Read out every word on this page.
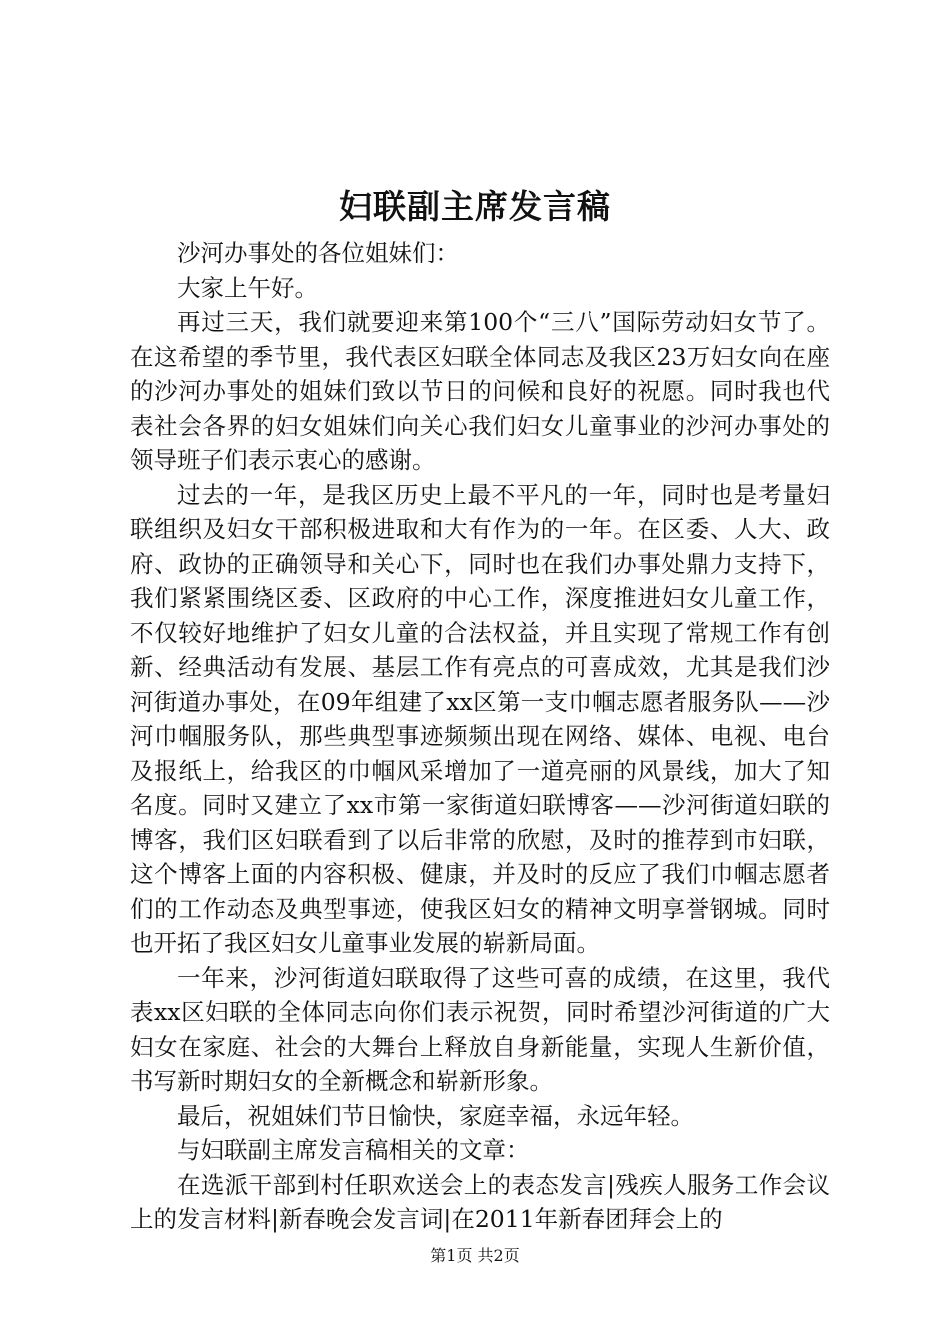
妇联副主席发言稿

沙河办事处的各位姐妹们：

大家上午好。

再过三天，我们就要迎来第100个“三八”国际劳动妇女节了。在这希望的季节里，我代表区妇联全体同志及我区23万妇女向在座的沙河办事处的姐妹们致以节日的问候和良好的祝愿。同时我也代表社会各界的妇女姐妹们向关心我们妇女儿童事业的沙河办事处的领导班子们表示衷心的感谢。

过去的一年，是我区历史上最不平凡的一年，同时也是考量妇联组织及妇女干部积极进取和大有作为的一年。在区委、人大、政府、政协的正确领导和关心下，同时也在我们办事处鼎力支持下，我们紧紧围绕区委、区政府的中心工作，深度推进妇女儿童工作，不仅较好地维护了妇女儿童的合法权益，并且实现了常规工作有创新、经典活动有发展、基层工作有亮点的可喜成效，尤其是我们沙河街道办事处，在09年组建了xx区第一支巾帼志愿者服务队——沙河巾帼服务队，那些典型事迹频频出现在网络、媒体、电视、电台及报纸上，给我区的巾帼风采增加了一道亮丽的风景线，加大了知名度。同时又建立了xx市第一家街道妇联博客——沙河街道妇联的博客，我们区妇联看到了以后非常的欣慰，及时的推荐到市妇联，这个博客上面的内容积极、健康，并及时的反应了我们巾帼志愿者们的工作动态及典型事迹，使我区妇女的精神文明享誉钢城。同时也开拓了我区妇女儿童事业发展的崭新局面。

一年来，沙河街道妇联取得了这些可喜的成绩，在这里，我代表xx区妇联的全体同志向你们表示祝贺，同时希望沙河街道的广大妇女在家庭、社会的大舞台上释放自身新能量，实现人生新价值，书写新时期妇女的全新概念和崭新形象。

最后，祝姐妹们节日愉快，家庭幸福，永远年轻。

与妇联副主席发言稿相关的文章：

在选派干部到村任职欢送会上的表态发言|残疾人服务工作会议上的发言材料|新春晚会发言词|在2011年新春团拜会上的

第1页 共2页
